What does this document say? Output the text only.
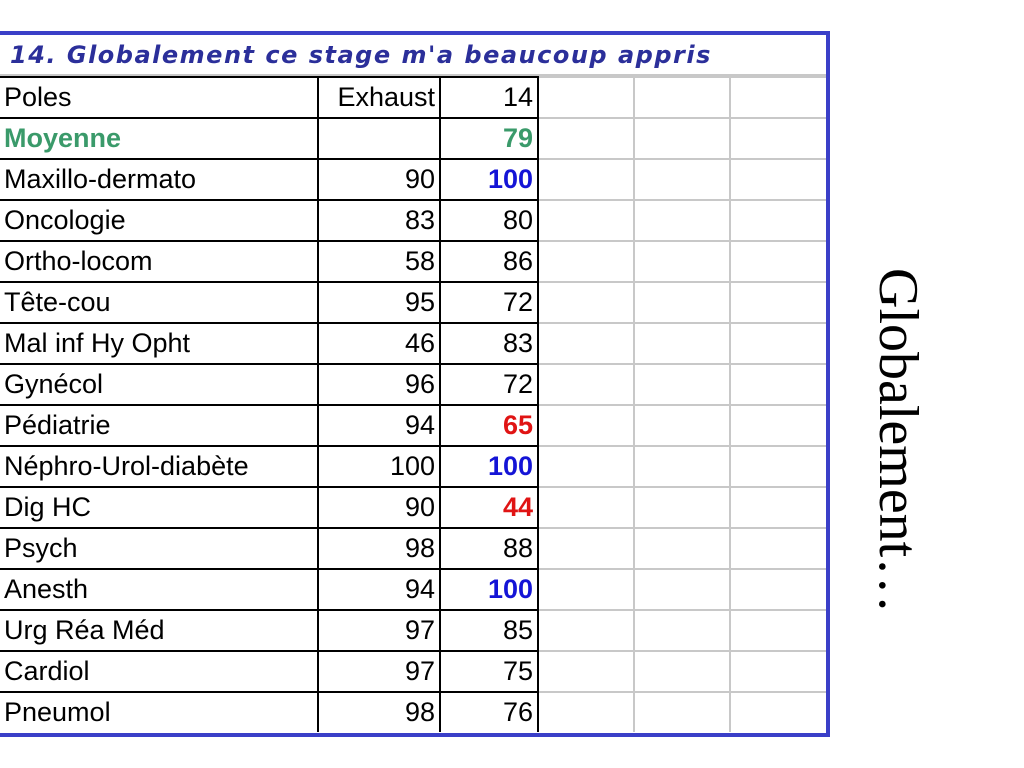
14. Globalement ce stage m'a beaucoup appris
Poles	Exhaust	14			
Moyenne		79			
Maxillo-dermato	90	100			
Oncologie	83	80			
Ortho-locom	58	86			
Tête-cou	95	72			
Mal inf Hy Opht	46	83			
Gynécol	96	72			
Pédiatrie	94	65			
Néphro-Urol-diabète	100	100			
Dig HC	90	44			
Psych	98	88			
Anesth	94	100			
Urg Réa Méd	97	85			
Cardiol	97	75			
Pneumol	98	76			
Globalement…
